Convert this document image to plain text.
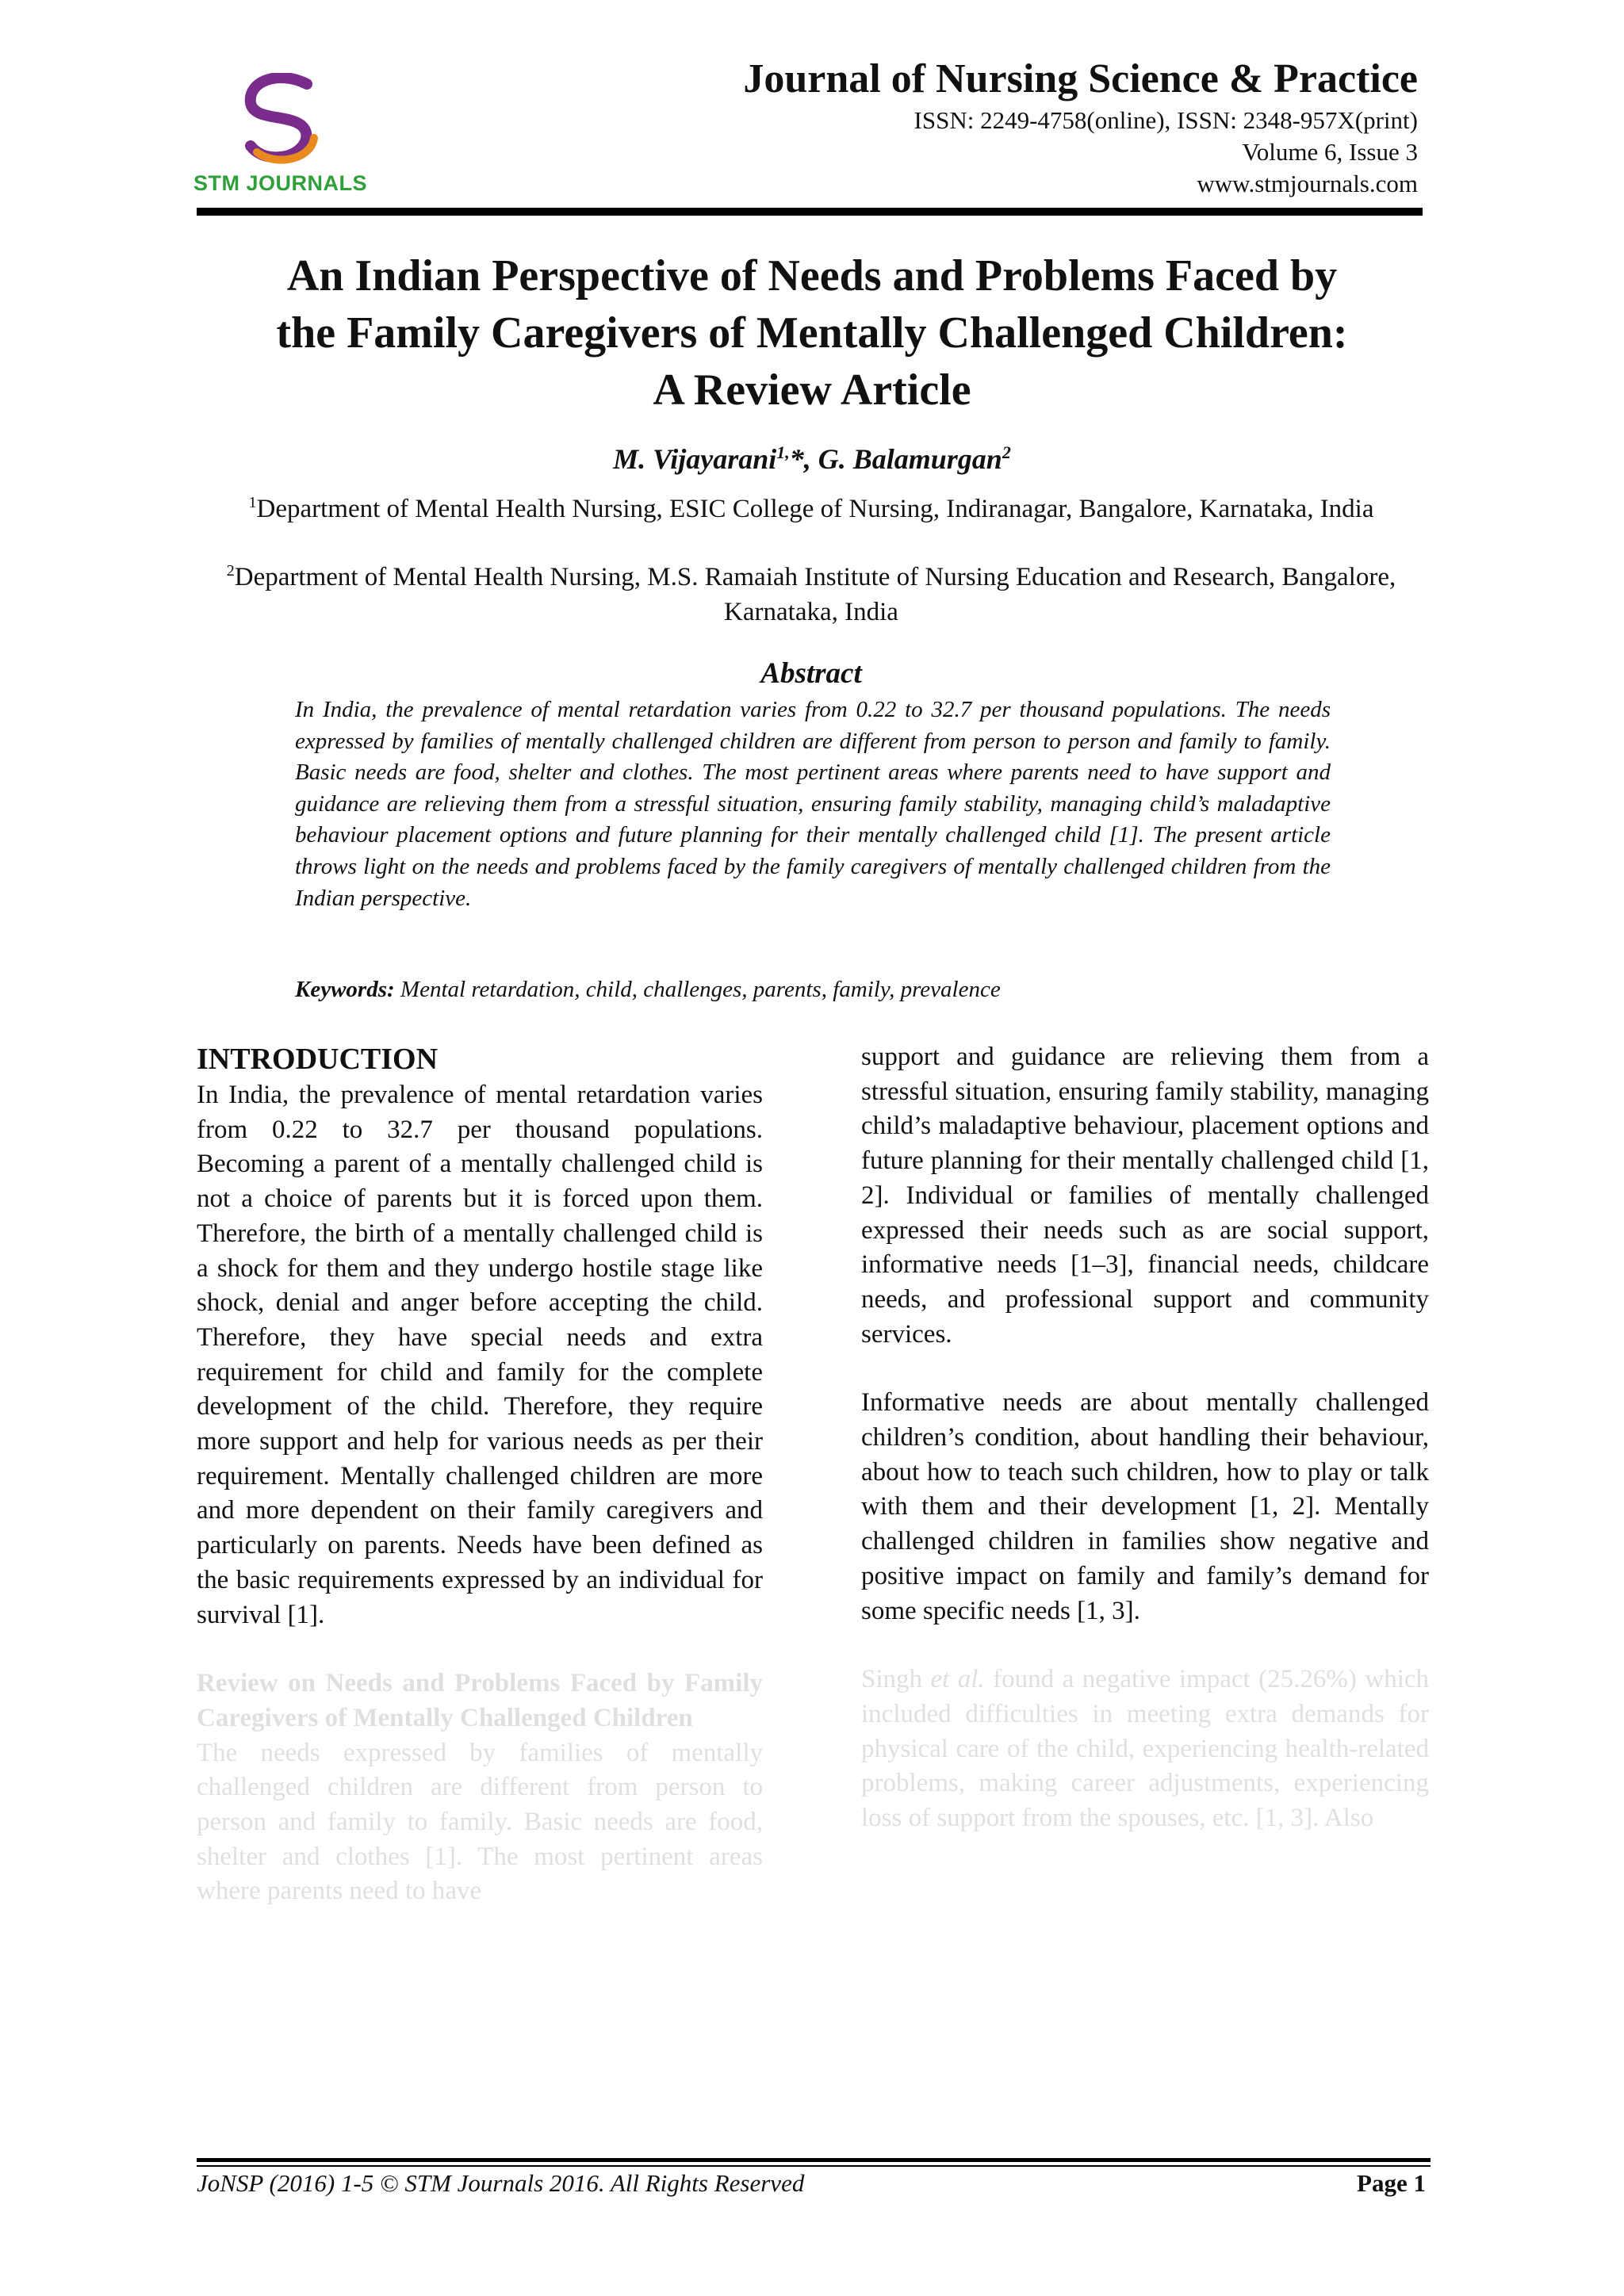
STM JOURNALS
Journal of Nursing Science & Practice
ISSN: 2249-4758(online), ISSN: 2348-957X(print)
Volume 6, Issue 3
www.stmjournals.com
An Indian Perspective of Needs and Problems Faced by
the Family Caregivers of Mentally Challenged Children:
A Review Article
M. Vijayarani$^{1,}$*, G. Balamurgan$^2$
$^1$Department of Mental Health Nursing, ESIC College of Nursing, Indiranagar, Bangalore, Karnataka, India
$^2$Department of Mental Health Nursing, M.S. Ramaiah Institute of Nursing Education and Research, Bangalore, Karnataka, India
Abstract
In India, the prevalence of mental retardation varies from 0.22 to 32.7 per thousand populations. The needs expressed by families of mentally challenged children are different from person to person and family to family. Basic needs are food, shelter and clothes. The most pertinent areas where parents need to have support and guidance are relieving them from a stressful situation, ensuring family stability, managing child’s maladaptive behaviour placement options and future planning for their mentally challenged child [1]. The present article throws light on the needs and problems faced by the family caregivers of mentally challenged children from the Indian perspective.
Keywords: Mental retardation, child, challenges, parents, family, prevalence
INTRODUCTION
In India, the prevalence of mental retardation varies from 0.22 to 32.7 per thousand populations. Becoming a parent of a mentally challenged child is not a choice of parents but it is forced upon them. Therefore, the birth of a mentally challenged child is a shock for them and they undergo hostile stage like shock, denial and anger before accepting the child. Therefore, they have special needs and extra requirement for child and family for the complete development of the child. Therefore, they require more support and help for various needs as per their requirement. Mentally challenged children are more and more dependent on their family caregivers and particularly on parents. Needs have been defined as the basic requirements expressed by an individual for survival [1].
Review on Needs and Problems Faced by Family Caregivers of Mentally Challenged Children
The needs expressed by families of mentally challenged children are different from person to person and family to family. Basic needs are food, shelter and clothes [1]. The most pertinent areas where parents need to have
support and guidance are relieving them from a stressful situation, ensuring family stability, managing child’s maladaptive behaviour, placement options and future planning for their mentally challenged child [1, 2]. Individual or families of mentally challenged expressed their needs such as are social support, informative needs [1–3], financial needs, childcare needs, and professional support and community services.
Informative needs are about mentally challenged children’s condition, about handling their behaviour, about how to teach such children, how to play or talk with them and their development [1, 2]. Mentally challenged children in families show negative and positive impact on family and family’s demand for some specific needs [1, 3].
Singh et al. found a negative impact (25.26%) which included difficulties in meeting extra demands for physical care of the child, experiencing health-related problems, making career adjustments, experiencing loss of support from the spouses, etc. [1, 3]. Also
JoNSP (2016) 1-5 © STM Journals 2016. All Rights Reserved	Page 1
